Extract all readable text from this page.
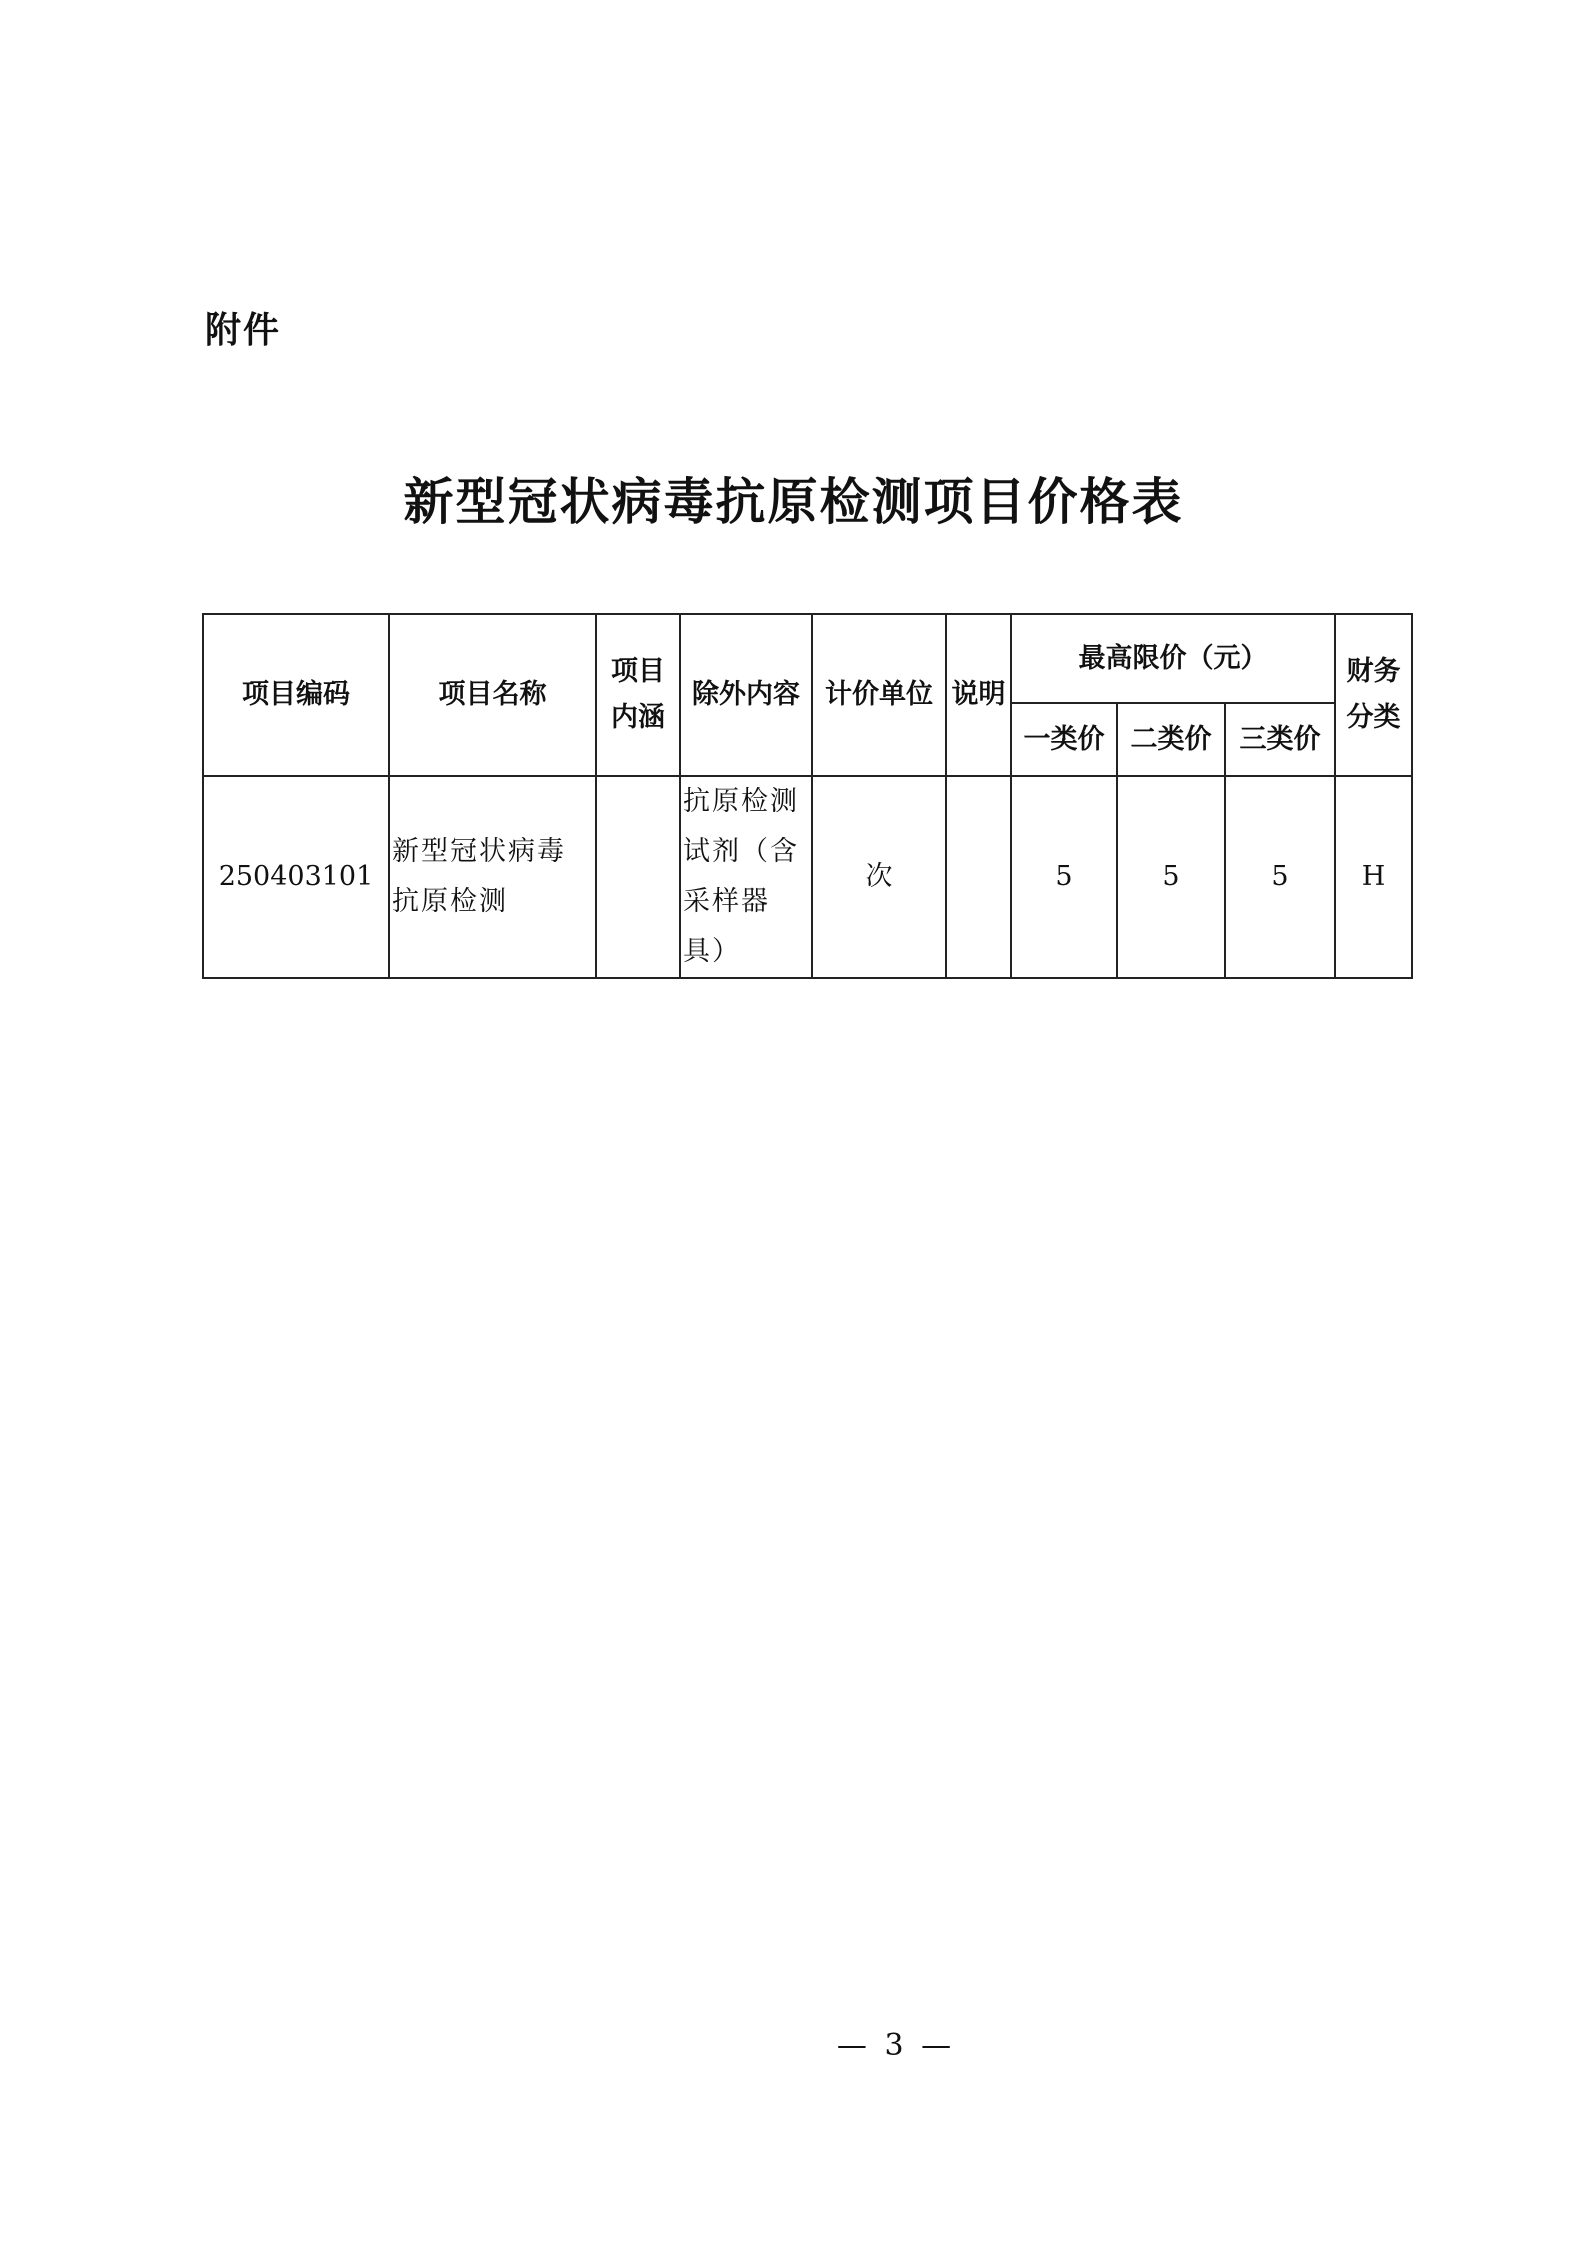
附件
新型冠状病毒抗原检测项目价格表
项目编码	项目名称	项目内涵	除外内容	计价单位	说明	最高限价（元）			财务分类
						一类价	二类价	三类价	
250403101	新型冠状病毒抗原检测		抗原检测试剂（含采样器具）	次		5	5	5	H
— 3 —
